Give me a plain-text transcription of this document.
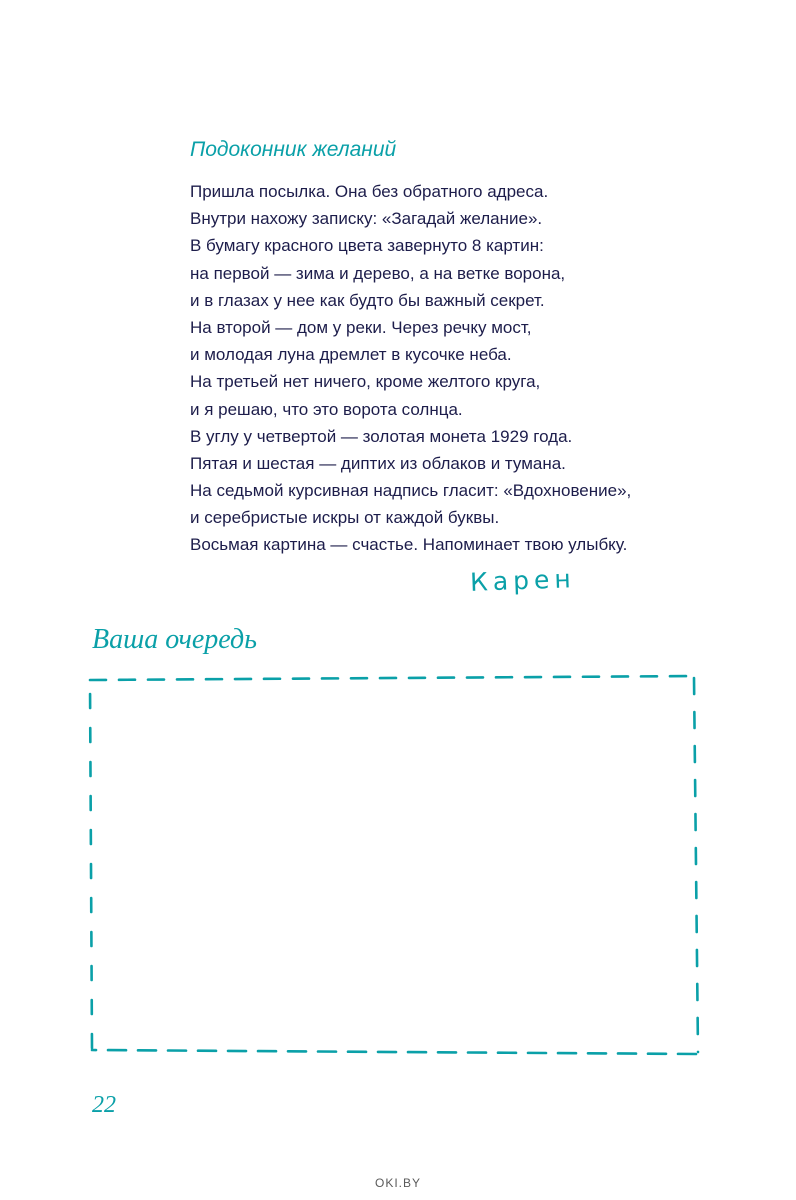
Подоконник желаний
Пришла посылка. Она без обратного адреса.
Внутри нахожу записку: «Загадай желание».
В бумагу красного цвета завернуто 8 картин:
на первой — зима и дерево, а на ветке ворона,
и в глазах у нее как будто бы важный секрет.
На второй — дом у реки. Через речку мост,
и молодая луна дремлет в кусочке неба.
На третьей нет ничего, кроме желтого круга,
и я решаю, что это ворота солнца.
В углу у четвертой — золотая монета 1929 года.
Пятая и шестая — диптих из облаков и тумана.
На седьмой курсивная надпись гласит: «Вдохновение»,
и серебристые искры от каждой буквы.
Восьмая картина — счастье. Напоминает твою улыбку.
Карен
Ваша очередь
22
OKI.BY
